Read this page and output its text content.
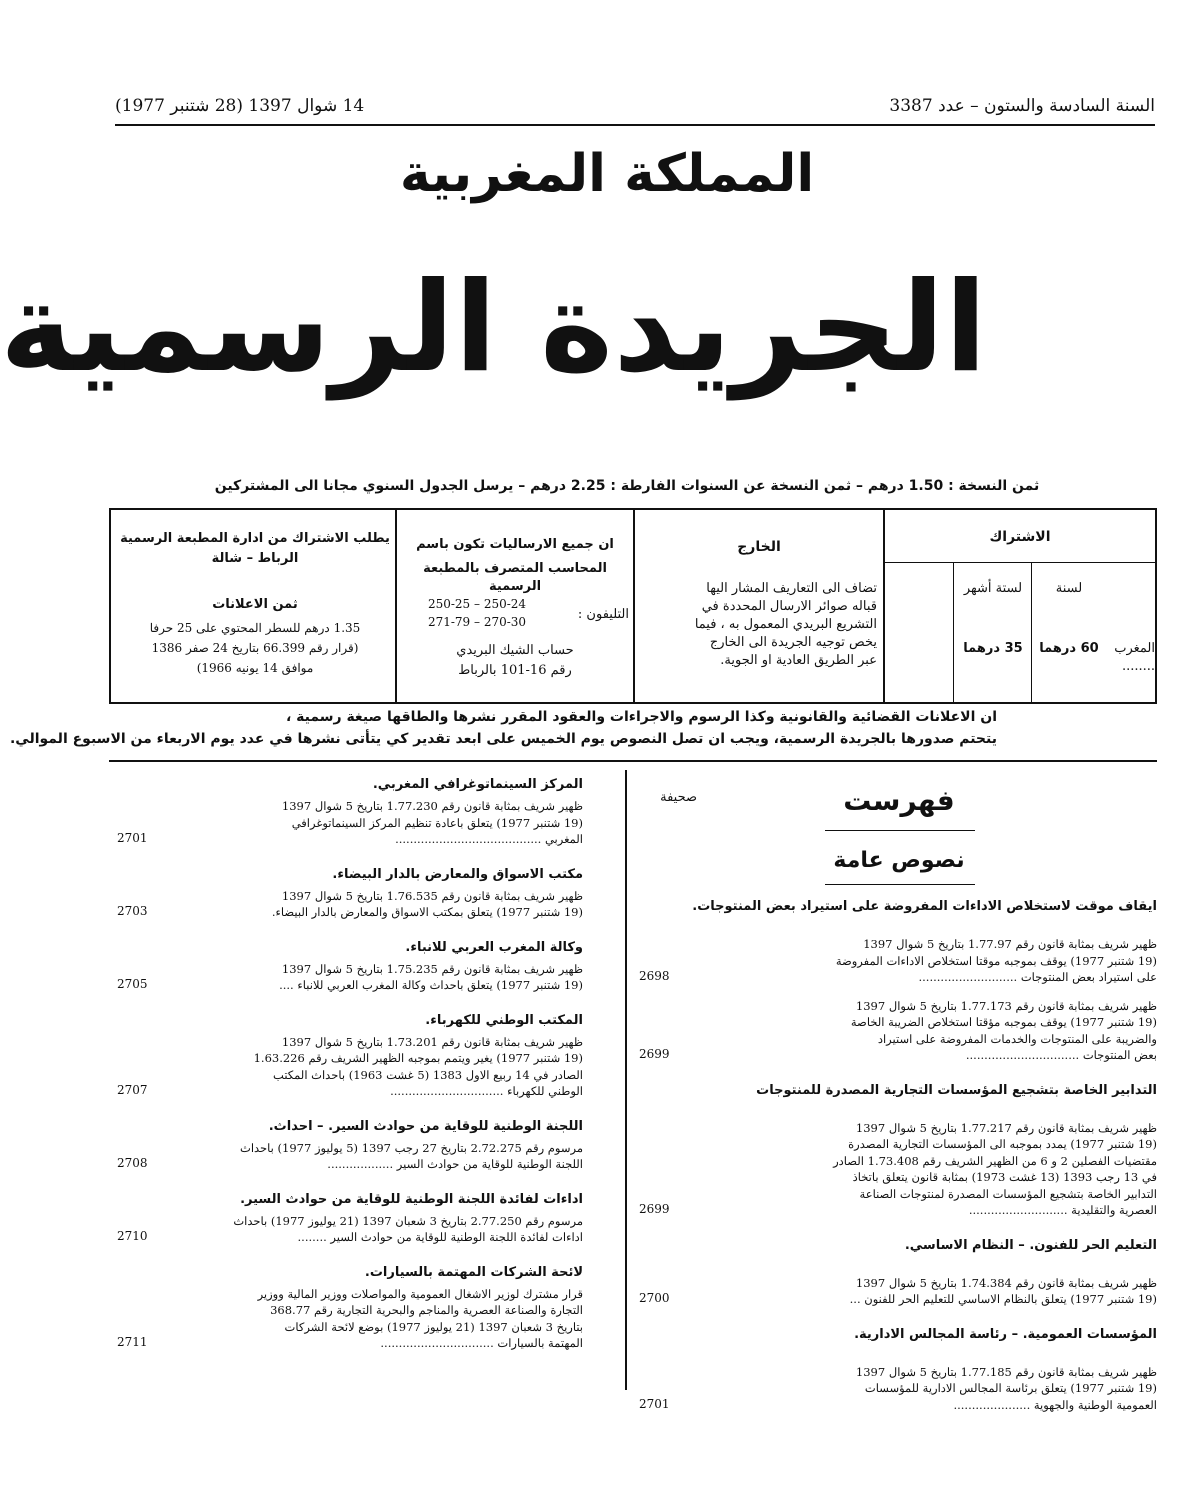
السنة السادسة والستون – عدد 3387
14 شوال 1397 (28 شتنبر 1977)
المملكة المغربية
الجريدة الرسمية
ثمن النسخة : 1.50 درهم – ثمن النسخة عن السنوات الفارطة : 2.25 درهم – يرسل الجدول السنوي مجانا الى المشتركين
الاشتراك
لستة أشهر	لسنة
المغرب ........
60 درهما
35 درهما
الخارج
تضاف الى التعاريف المشار اليها
قباله صوائر الارسال المحددة في
التشريع البريدي المعمول به ، فيما
يخص توجيه الجريدة الى الخارج
عبر الطريق العادية او الجوية.
ان جميع الارساليات تكون باسم
المحاسب المتصرف بالمطبعة الرسمية
التليفون :
250-24 – 250-25
270-30 – 271-79
حساب الشيك البريدي
رقم 16-101 بالرباط
يطلب الاشتراك من ادارة المطبعة الرسمية
الرباط – شالة
ثمن الاعلانات
1.35 درهم للسطر المحتوي على 25 حرفا
(قرار رقم 66.399 بتاريخ 24 صفر 1386
موافق 14 يونيه 1966)
ان الاعلانات القضائية والقانونية وكذا الرسوم والاجراءات والعقود المقرر نشرها والطاقها صيغة رسمية ،
يتحتم صدورها بالجريدة الرسمية، ويجب ان تصل النصوص يوم الخميس على ابعد تقدير كي يتأتى نشرها في عدد يوم الاربعاء من الاسبوع الموالي.
صحيفة	فهرست
نصوص عامة
ايقاف موقت لاستخلاص الاداءات المفروضة على استيراد بعض المنتوجات.
ظهير شريف بمثابة قانون رقم 1.77.97 بتاريخ 5 شوال 1397
(19 شتنبر 1977) يوقف بموجبه موقتا استخلاص الاداءات المفروضة
على استيراد بعض المنتوجات ...........................
2698
ظهير شريف بمثابة قانون رقم 1.77.173 بتاريخ 5 شوال 1397
(19 شتنبر 1977) يوقف بموجبه مؤقتا استخلاص الضريبة الخاصة
والضريبة على المنتوجات والخدمات المفروضة على استيراد
بعض المنتوجات ...............................
2699
التدابير الخاصة بتشجيع المؤسسات التجارية المصدرة للمنتوجات
ظهير شريف بمثابة قانون رقم 1.77.217 بتاريخ 5 شوال 1397
(19 شتنبر 1977) يمدد بموجبه الى المؤسسات التجارية المصدرة
مقتضيات الفصلين 2 و 6 من الظهير الشريف رقم 1.73.408 الصادر
في 13 رجب 1393 (13 غشت 1973) بمثابة قانون يتعلق باتخاذ
التدابير الخاصة بتشجيع المؤسسات المصدرة لمنتوجات الصناعة
العصرية والتقليدية ...........................
2699
التعليم الحر للفنون. – النظام الاساسي.
ظهير شريف بمثابة قانون رقم 1.74.384 بتاريخ 5 شوال 1397
(19 شتنبر 1977) يتعلق بالنظام الاساسي للتعليم الحر للفنون ...
2700
المؤسسات العمومية. – رئاسة المجالس الادارية.
ظهير شريف بمثابة قانون رقم 1.77.185 بتاريخ 5 شوال 1397
(19 شتنبر 1977) يتعلق برئاسة المجالس الادارية للمؤسسات
العمومية الوطنية والجهوية .....................
2701
المركز السينماتوغرافي المغربي.
ظهير شريف بمثابة قانون رقم 1.77.230 بتاريخ 5 شوال 1397
(19 شتنبر 1977) يتعلق باعادة تنظيم المركز السينماتوغرافي
المغربي ........................................
2701
مكتب الاسواق والمعارض بالدار البيضاء.
ظهير شريف بمثابة قانون رقم 1.76.535 بتاريخ 5 شوال 1397
(19 شتنبر 1977) يتعلق بمكتب الاسواق والمعارض بالدار البيضاء.
2703
وكالة المغرب العربي للانباء.
ظهير شريف بمثابة قانون رقم 1.75.235 بتاريخ 5 شوال 1397
(19 شتنبر 1977) يتعلق باحداث وكالة المغرب العربي للانباء ....
2705
المكتب الوطني للكهرباء.
ظهير شريف بمثابة قانون رقم 1.73.201 بتاريخ 5 شوال 1397
(19 شتنبر 1977) يغير ويتمم بموجبه الظهير الشريف رقم 1.63.226
الصادر في 14 ربيع الاول 1383 (5 غشت 1963) باحداث المكتب
الوطني للكهرباء ...............................
2707
اللجنة الوطنية للوقاية من حوادث السير. – احداث.
مرسوم رقم 2.72.275 بتاريخ 27 رجب 1397 (5 يوليوز 1977) باحداث
اللجنة الوطنية للوقاية من حوادث السير ..................
2708
اداءات لفائدة اللجنة الوطنية للوقاية من حوادث السير.
مرسوم رقم 2.77.250 بتاريخ 3 شعبان 1397 (21 يوليوز 1977) باحداث
اداءات لفائدة اللجنة الوطنية للوقاية من حوادث السير ........
2710
لائحة الشركات المهتمة بالسيارات.
قرار مشترك لوزير الاشغال العمومية والمواصلات ووزير المالية ووزير
التجارة والصناعة العصرية والمناجم والبحرية التجارية رقم 368.77
بتاريخ 3 شعبان 1397 (21 يوليوز 1977) بوضع لائحة الشركات
المهتمة بالسيارات ...............................
2711
